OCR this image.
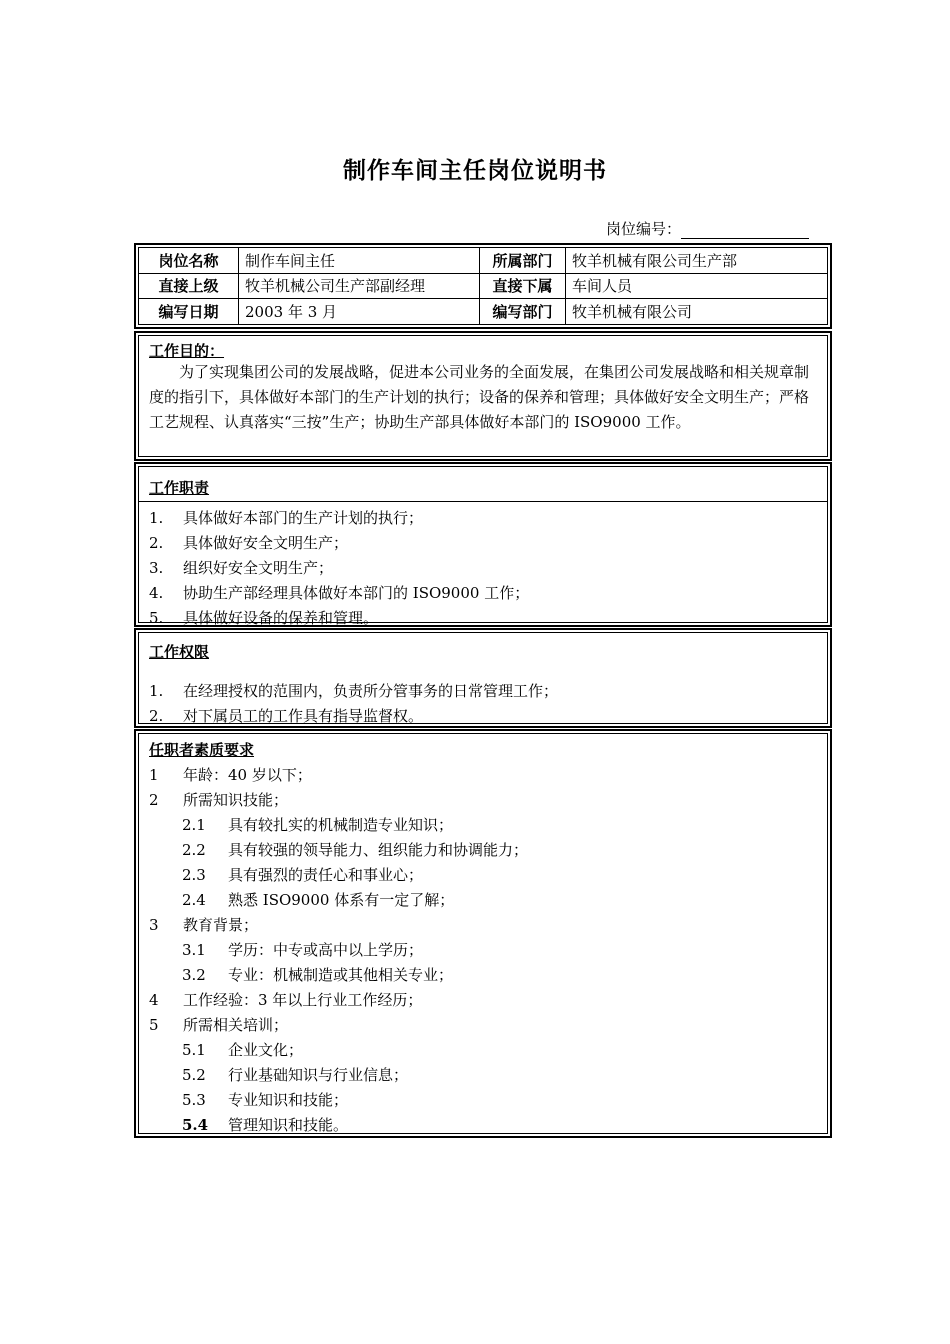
制作车间主任岗位说明书
岗位编号：
岗位名称	制作车间主任	所属部门	牧羊机械有限公司生产部
直接上级	牧羊机械公司生产部副经理	直接下属	车间人员
编写日期	2003 年 3 月	编写部门	牧羊机械有限公司
工作目的：
为了实现集团公司的发展战略，促进本公司业务的全面发展，在集团公司发展战略和相关规章制度的指引下，具体做好本部门的生产计划的执行；设备的保养和管理；具体做好安全文明生产；严格工艺规程、认真落实“三按”生产；协助生产部具体做好本部门的 ISO9000 工作。
工作职责
1. 具体做好本部门的生产计划的执行；
2. 具体做好安全文明生产；
3. 组织好安全文明生产；
4. 协助生产部经理具体做好本部门的 ISO9000 工作；
5. 具体做好设备的保养和管理。
工作权限
1. 在经理授权的范围内，负责所分管事务的日常管理工作；
2. 对下属员工的工作具有指导监督权。
任职者素质要求
1 年龄：40 岁以下；
2 所需知识技能；
2.1 具有较扎实的机械制造专业知识；
2.2 具有较强的领导能力、组织能力和协调能力；
2.3 具有强烈的责任心和事业心；
2.4 熟悉 ISO9000 体系有一定了解；
3 教育背景；
3.1 学历：中专或高中以上学历；
3.2 专业：机械制造或其他相关专业；
4 工作经验：3 年以上行业工作经历；
5 所需相关培训；
5.1 企业文化；
5.2 行业基础知识与行业信息；
5.3 专业知识和技能；
5.4 管理知识和技能。
